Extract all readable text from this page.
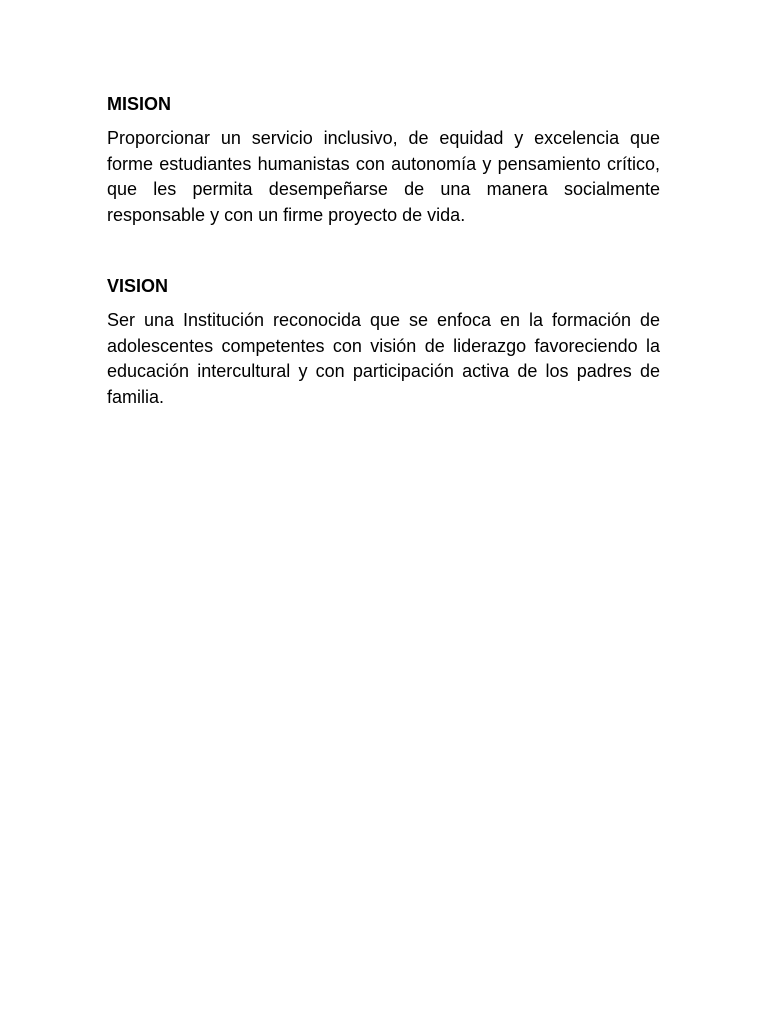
MISION

Proporcionar un servicio inclusivo, de equidad y excelencia que forme estudiantes humanistas con autonomía y pensamiento crítico, que les permita desempeñarse de una manera socialmente responsable y con un firme proyecto de vida.

VISION

Ser una Institución reconocida que se enfoca en la formación de adolescentes competentes con visión de liderazgo favoreciendo la educación intercultural y con participación activa de los padres de familia.
